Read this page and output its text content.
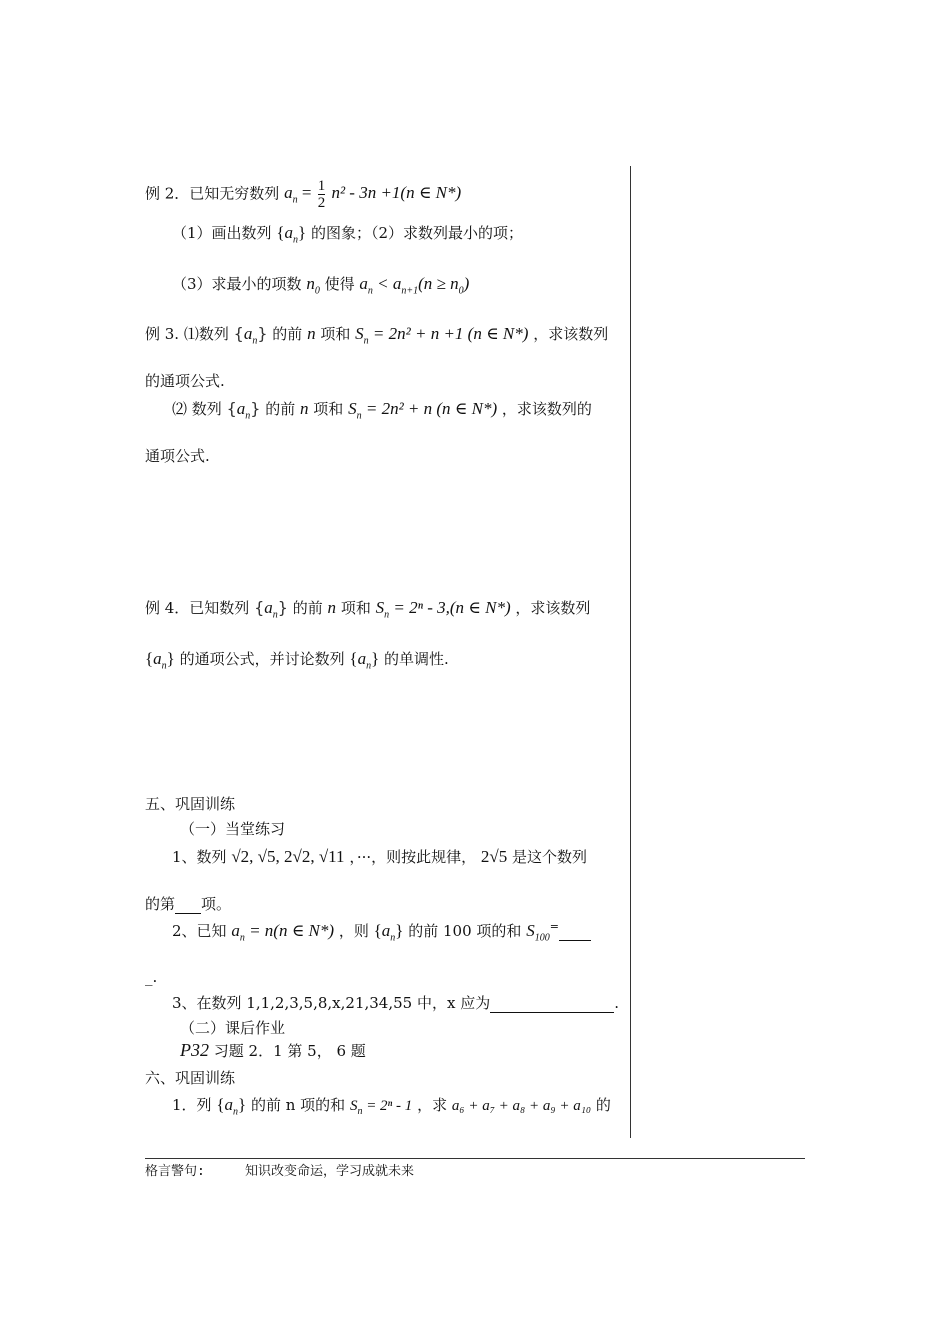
例 2．已知无穷数列 $a_n = \frac{1}{2} n^2 - 3n +1(n$ ∈ N*)
（1）画出数列 $\{a_n\}$ 的图象；（2）求数列最小的项；
（3）求最小的项数 $n_0$ 使得 $a_n < a_{n+1}(n \ge n_0)$
例 3. ⑴数列 $\{a_n\}$ 的前 n 项和 $S_n = 2n^2 + n +1$ (n ∈ N*) ，求该数列
的通项公式.
⑵ 数列 $\{a_n\}$ 的前 n 项和 $S_n = 2n^2 + n$ (n ∈ N*) ，求该数列的
通项公式.
例 4．已知数列 $\{a_n\}$ 的前 n 项和 $S_n = 2^n - 3,(n$ ∈ N*) ，求该数列
$\{a_n\}$ 的通项公式，并讨论数列 $\{a_n\}$ 的单调性.
五、巩固训练
（一）当堂练习
1、数列 √2, √5, 2√2, √11 ，···，则按此规律， 2√5 是这个数列
的第 项。
2、已知 $a_n = n(n$ ∈ N*) ，则 $\{a_n\}$ 的前 100 项的和 $S_{100}^=$
_.
3、在数列 1,1,2,3,5,8,x,21,34,55 中，x 应为	.
（二）课后作业
P32 习题 2．1 第 5， 6 题
六、巩固训练
1．列 $\{a_n\}$ 的前 n 项的和 $S_n = 2^n - 1$ ，求 a₆ + a₇ + a₈ + a₉ + a₁₀ 的
格言警句:	知识改变命运，学习成就未来
